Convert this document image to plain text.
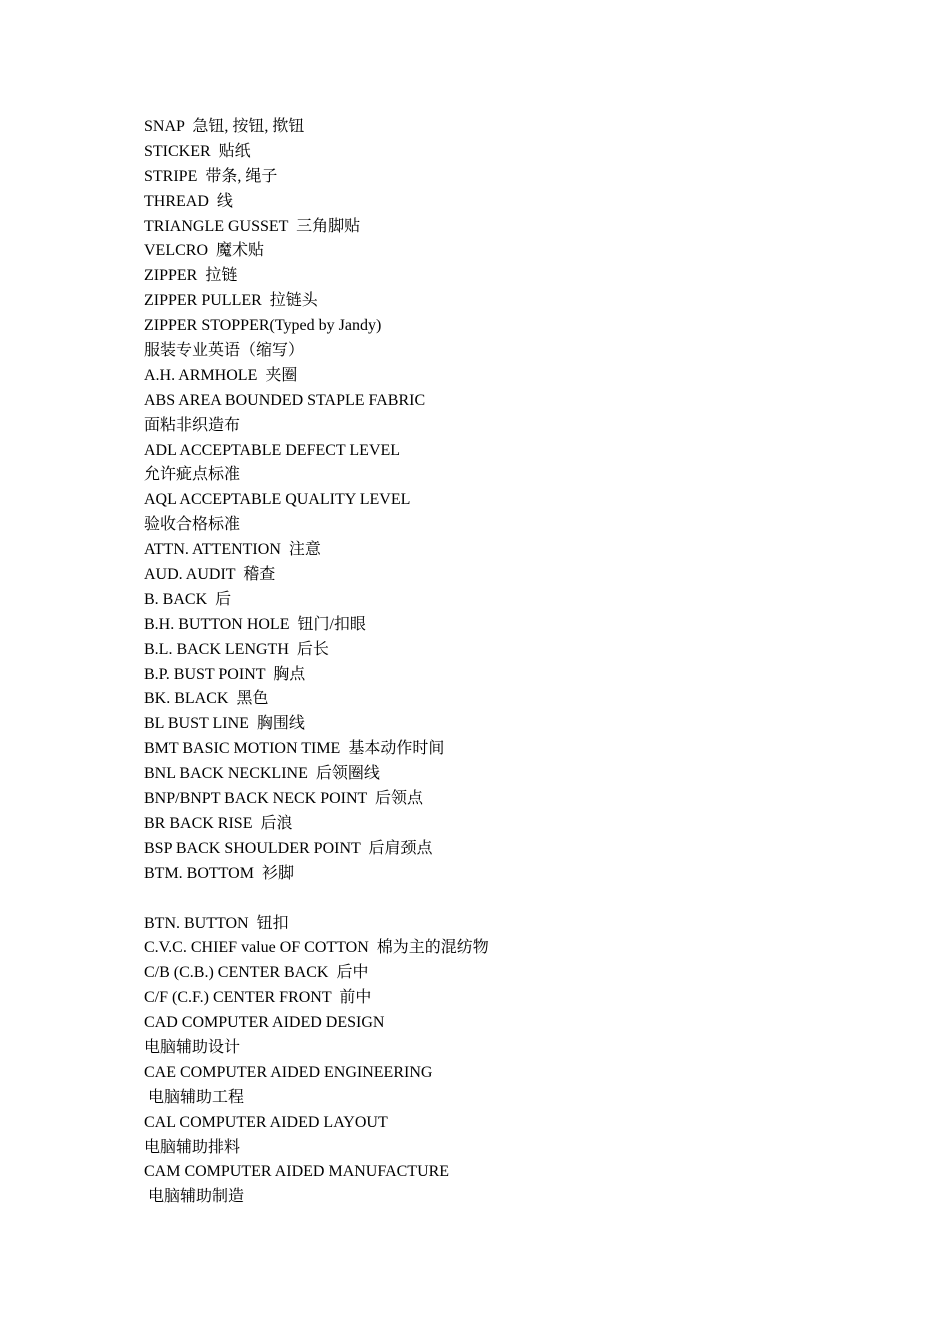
SNAP  急钮, 按钮, 揿钮
STICKER  贴纸
STRIPE  带条, 绳子
THREAD  线
TRIANGLE GUSSET  三角脚贴
VELCRO  魔术贴
ZIPPER  拉链
ZIPPER PULLER  拉链头
ZIPPER STOPPER(Typed by Jandy)
服装专业英语（缩写）
A.H. ARMHOLE  夹圈
ABS AREA BOUNDED STAPLE FABRIC
面粘非织造布
ADL ACCEPTABLE DEFECT LEVEL
允许疵点标准
AQL ACCEPTABLE QUALITY LEVEL
验收合格标准
ATTN. ATTENTION  注意
AUD. AUDIT  稽查
B. BACK  后
B.H. BUTTON HOLE  钮门/扣眼
B.L. BACK LENGTH  后长
B.P. BUST POINT  胸点
BK. BLACK  黑色
BL BUST LINE  胸围线
BMT BASIC MOTION TIME  基本动作时间
BNL BACK NECKLINE  后领圈线
BNP/BNPT BACK NECK POINT  后领点
BR BACK RISE  后浪
BSP BACK SHOULDER POINT  后肩颈点
BTM. BOTTOM  衫脚
BTN. BUTTON  钮扣
C.V.C. CHIEF value OF COTTON  棉为主的混纺物
C/B (C.B.) CENTER BACK  后中
C/F (C.F.) CENTER FRONT  前中
CAD COMPUTER AIDED DESIGN
电脑辅助设计
CAE COMPUTER AIDED ENGINEERING
电脑辅助工程
CAL COMPUTER AIDED LAYOUT
电脑辅助排料
CAM COMPUTER AIDED MANUFACTURE
电脑辅助制造
